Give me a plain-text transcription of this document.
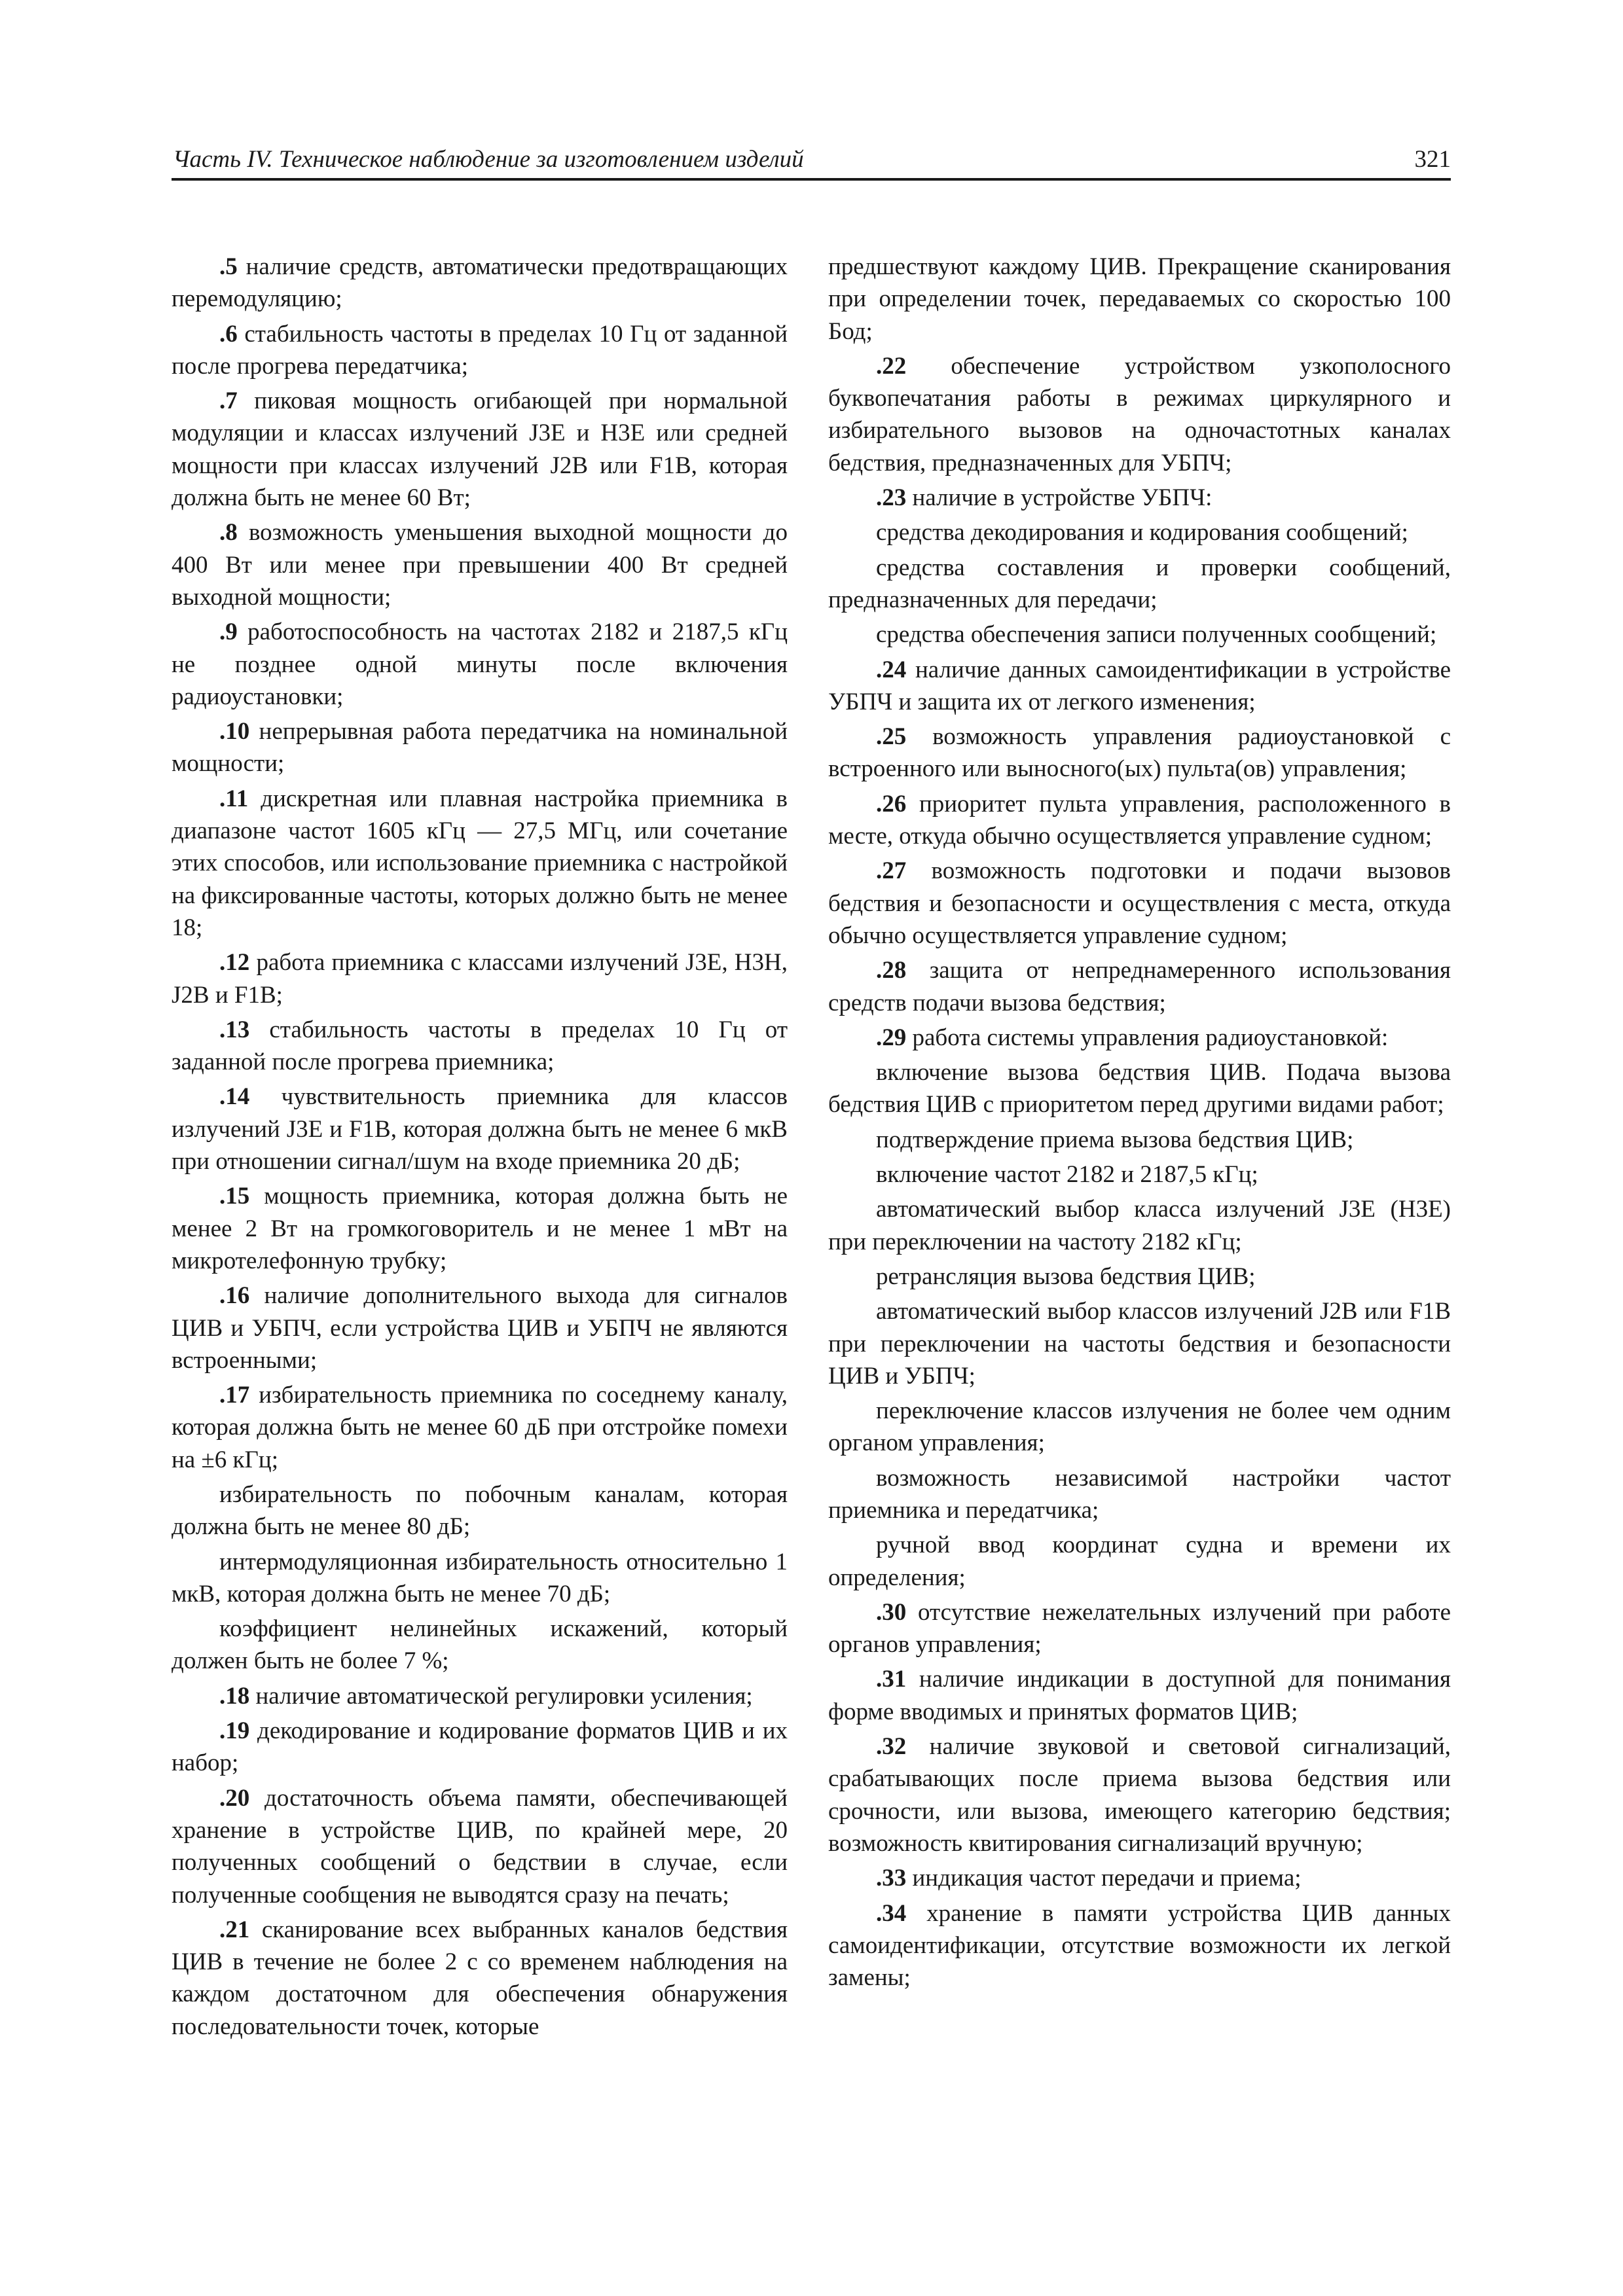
Часть IV. Техническое наблюдение за изготовлением изделий	321

.5 наличие средств, автоматически предотвращающих перемодуляцию;

.6 стабильность частоты в пределах 10 Гц от заданной после прогрева передатчика;

.7 пиковая мощность огибающей при нормальной модуляции и классах излучений J3E и H3E или средней мощности при классах излучений J2B или F1B, которая должна быть не менее 60 Вт;

.8 возможность уменьшения выходной мощности до 400 Вт или менее при превышении 400 Вт средней выходной мощности;

.9 работоспособность на частотах 2182 и 2187,5 кГц не позднее одной минуты после включения радиоустановки;

.10 непрерывная работа передатчика на номинальной мощности;

.11 дискретная или плавная настройка приемника в диапазоне частот 1605 кГц — 27,5 МГц, или сочетание этих способов, или использование приемника с настройкой на фиксированные частоты, которых должно быть не менее 18;

.12 работа приемника с классами излучений J3E, H3H, J2B и F1B;

.13 стабильность частоты в пределах 10 Гц от заданной после прогрева приемника;

.14 чувствительность приемника для классов излучений J3E и F1B, которая должна быть не менее 6 мкВ при отношении сигнал/шум на входе приемника 20 дБ;

.15 мощность приемника, которая должна быть не менее 2 Вт на громкоговоритель и не менее 1 мВт на микротелефонную трубку;

.16 наличие дополнительного выхода для сигналов ЦИВ и УБПЧ, если устройства ЦИВ и УБПЧ не являются встроенными;

.17 избирательность приемника по соседнему каналу, которая должна быть не менее 60 дБ при отстройке помехи на ±6 кГц;

избирательность по побочным каналам, которая должна быть не менее 80 дБ;

интермодуляционная избирательность относительно 1 мкВ, которая должна быть не менее 70 дБ;

коэффициент нелинейных искажений, который должен быть не более 7 %;

.18 наличие автоматической регулировки усиления;

.19 декодирование и кодирование форматов ЦИВ и их набор;

.20 достаточность объема памяти, обеспечивающей хранение в устройстве ЦИВ, по крайней мере, 20 полученных сообщений о бедствии в случае, если полученные сообщения не выводятся сразу на печать;

.21 сканирование всех выбранных каналов бедствия ЦИВ в течение не более 2 с со временем наблюдения на каждом достаточном для обеспечения обнаружения последовательности точек, которые

предшествуют каждому ЦИВ. Прекращение сканирования при определении точек, передаваемых со скоростью 100 Бод;

.22 обеспечение устройством узкополосного буквопечатания работы в режимах циркулярного и избирательного вызовов на одночастотных каналах бедствия, предназначенных для УБПЧ;

.23 наличие в устройстве УБПЧ:

средства декодирования и кодирования сообщений;

средства составления и проверки сообщений, предназначенных для передачи;

средства обеспечения записи полученных сообщений;

.24 наличие данных самоидентификации в устройстве УБПЧ и защита их от легкого изменения;

.25 возможность управления радиоустановкой с встроенного или выносного(ых) пульта(ов) управления;

.26 приоритет пульта управления, расположенного в месте, откуда обычно осуществляется управление судном;

.27 возможность подготовки и подачи вызовов бедствия и безопасности и осуществления с места, откуда обычно осуществляется управление судном;

.28 защита от непреднамеренного использования средств подачи вызова бедствия;

.29 работа системы управления радиоустановкой:

включение вызова бедствия ЦИВ. Подача вызова бедствия ЦИВ с приоритетом перед другими видами работ;

подтверждение приема вызова бедствия ЦИВ;

включение частот 2182 и 2187,5 кГц;

автоматический выбор класса излучений J3E (H3E) при переключении на частоту 2182 кГц;

ретрансляция вызова бедствия ЦИВ;

автоматический выбор классов излучений J2B или F1B при переключении на частоты бедствия и безопасности ЦИВ и УБПЧ;

переключение классов излучения не более чем одним органом управления;

возможность независимой настройки частот приемника и передатчика;

ручной ввод координат судна и времени их определения;

.30 отсутствие нежелательных излучений при работе органов управления;

.31 наличие индикации в доступной для понимания форме вводимых и принятых форматов ЦИВ;

.32 наличие звуковой и световой сигнализаций, срабатывающих после приема вызова бедствия или срочности, или вызова, имеющего категорию бедствия; возможность квитирования сигнализаций вручную;

.33 индикация частот передачи и приема;

.34 хранение в памяти устройства ЦИВ данных самоидентификации, отсутствие возможности их легкой замены;
